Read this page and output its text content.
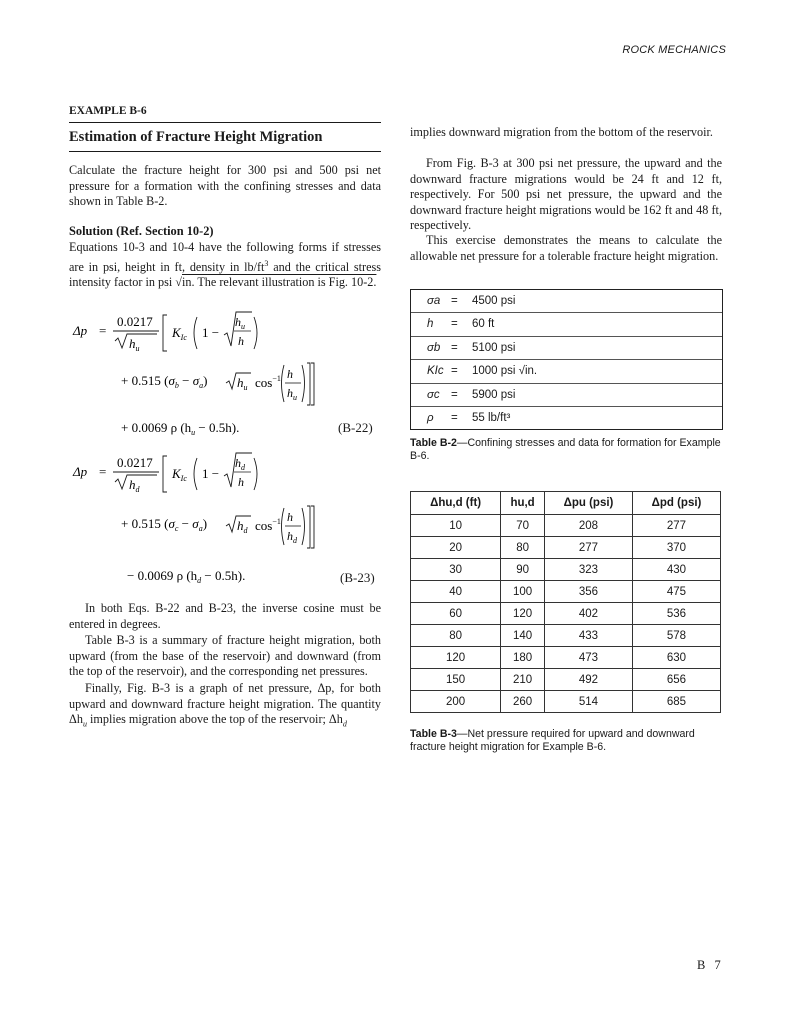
ROCK MECHANICS
EXAMPLE B-6
Estimation of Fracture Height Migration
Calculate the fracture height for 300 psi and 500 psi net pressure for a formation with the confining stresses and data shown in Table B-2.
Solution (Ref. Section 10-2)
Equations 10-3 and 10-4 have the following forms if stresses are in psi, height in ft, density in $lb/ft^3$ and the critical stress intensity factor in psi √in. The relevant illustration is Fig. 10-2.
Δp =
0.0217
$h_u$
$K_{Ic}$ 1 −
$h_u$
h
+ 0.515 $(\sigma_b - \sigma_a)$ $h_u$ $\cos^{-1} h$
$h_u$
+ 0.0069 ρ $(h_u - 0.5h)$.	(B-22)
Δp =
0.0217
$h_d$
$K_{Ic}$ 1 −
$h_d$
h
+ 0.515 $(\sigma_c - \sigma_a)$ $h_d$ $\cos^{-1} h$
$h_d$
− 0.0069 ρ $(h_d - 0.5h)$.	(B-23)
In both Eqs. B-22 and B-23, the inverse cosine must be entered in degrees.
Table B-3 is a summary of fracture height migration, both upward (from the base of the reservoir) and downward (from the top of the reservoir), and the corresponding net pressures.
Finally, Fig. B-3 is a graph of net pressure, Δp, for both upward and downward fracture height migration. The quantity $\Delta h_u$ implies migration above the top of the reservoir; $\Delta h_d$
implies downward migration from the bottom of the reservoir.
From Fig. B-3 at 300 psi net pressure, the upward and the downward fracture migrations would be 24 ft and 12 ft, respectively. For 500 psi net pressure, the upward and the downward fracture height migrations would be 162 ft and 48 ft, respectively.
This exercise demonstrates the means to calculate the allowable net pressure for a tolerable fracture height migration.
σa = 4500 psi
h = 60 ft
σb = 5100 psi
KIc = 1000 psi √in.
σc = 5900 psi
ρ = 55 lb/ft³
Table B-2—Confining stresses and data for formation for Example B-6.
Δhu,d (ft)	hu,d	Δpu (psi)	Δpd (psi)
10	70	208	277
20	80	277	370
30	90	323	430
40	100	356	475
60	120	402	536
80	140	433	578
120	180	473	630
150	210	492	656
200	260	514	685
Table B-3—Net pressure required for upward and downward fracture height migration for Example B-6.
B 7
